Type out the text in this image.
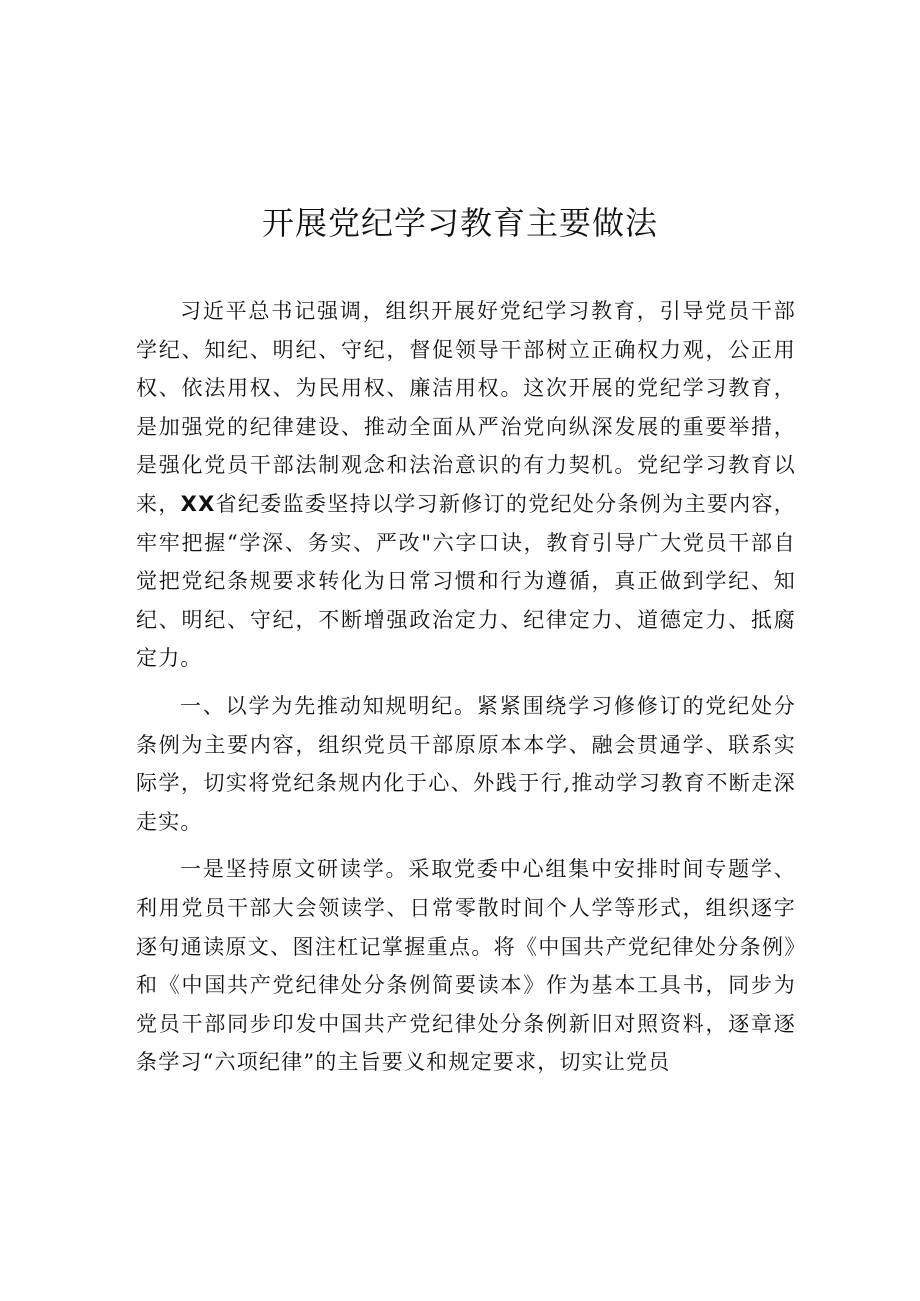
开展党纪学习教育主要做法

习近平总书记强调，组织开展好党纪学习教育，引导党员干部学纪、知纪、明纪、守纪，督促领导干部树立正确权力观，公正用权、依法用权、为民用权、廉洁用权。这次开展的党纪学习教育，是加强党的纪律建设、推动全面从严治党向纵深发展的重要举措，是强化党员干部法制观念和法治意识的有力契机。党纪学习教育以来，XX省纪委监委坚持以学习新修订的党纪处分条例为主要内容，牢牢把握“学深、务实、严改"六字口诀，教育引导广大党员干部自觉把党纪条规要求转化为日常习惯和行为遵循，真正做到学纪、知纪、明纪、守纪，不断增强政治定力、纪律定力、道德定力、抵腐定力。

一、以学为先推动知规明纪。紧紧围绕学习修修订的党纪处分条例为主要内容，组织党员干部原原本本学、融会贯通学、联系实际学，切实将党纪条规内化于心、外践于行,推动学习教育不断走深走实。

一是坚持原文研读学。采取党委中心组集中安排时间专题学、利用党员干部大会领读学、日常零散时间个人学等形式，组织逐字逐句通读原文、图注杠记掌握重点。将《中国共产党纪律处分条例》和《中国共产党纪律处分条例简要读本》作为基本工具书，同步为党员干部同步印发中国共产党纪律处分条例新旧对照资料，逐章逐条学习“六项纪律”的主旨要义和规定要求，切实让党员
